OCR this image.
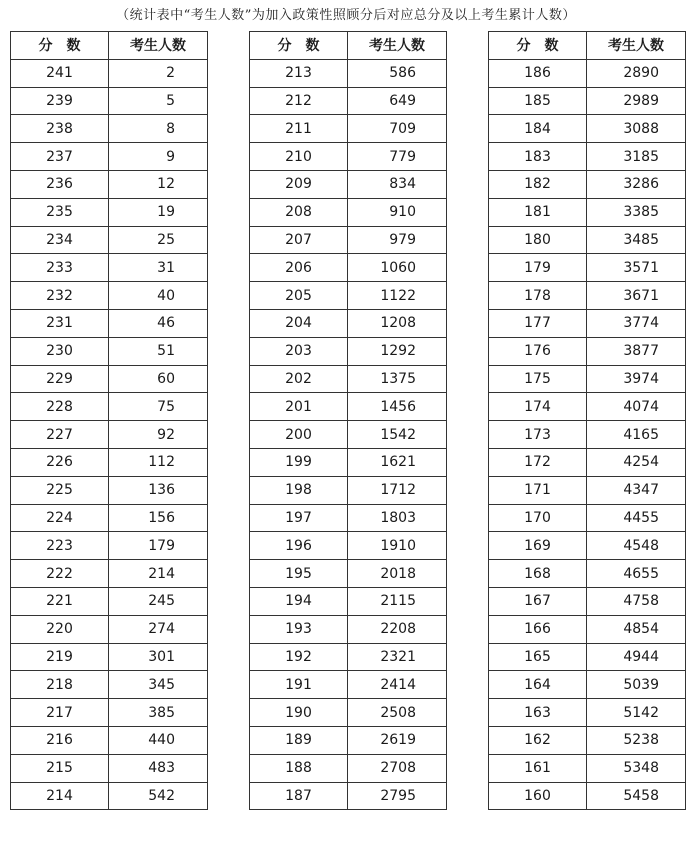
（统计表中“考生人数”为加入政策性照顾分后对应总分及以上考生累计人数）
分　数	考生人数
241	2
239	5
238	8
237	9
236	12
235	19
234	25
233	31
232	40
231	46
230	51
229	60
228	75
227	92
226	112
225	136
224	156
223	179
222	214
221	245
220	274
219	301
218	345
217	385
216	440
215	483
214	542
分　数	考生人数
213	586
212	649
211	709
210	779
209	834
208	910
207	979
206	1060
205	1122
204	1208
203	1292
202	1375
201	1456
200	1542
199	1621
198	1712
197	1803
196	1910
195	2018
194	2115
193	2208
192	2321
191	2414
190	2508
189	2619
188	2708
187	2795
分　数	考生人数
186	2890
185	2989
184	3088
183	3185
182	3286
181	3385
180	3485
179	3571
178	3671
177	3774
176	3877
175	3974
174	4074
173	4165
172	4254
171	4347
170	4455
169	4548
168	4655
167	4758
166	4854
165	4944
164	5039
163	5142
162	5238
161	5348
160	5458
